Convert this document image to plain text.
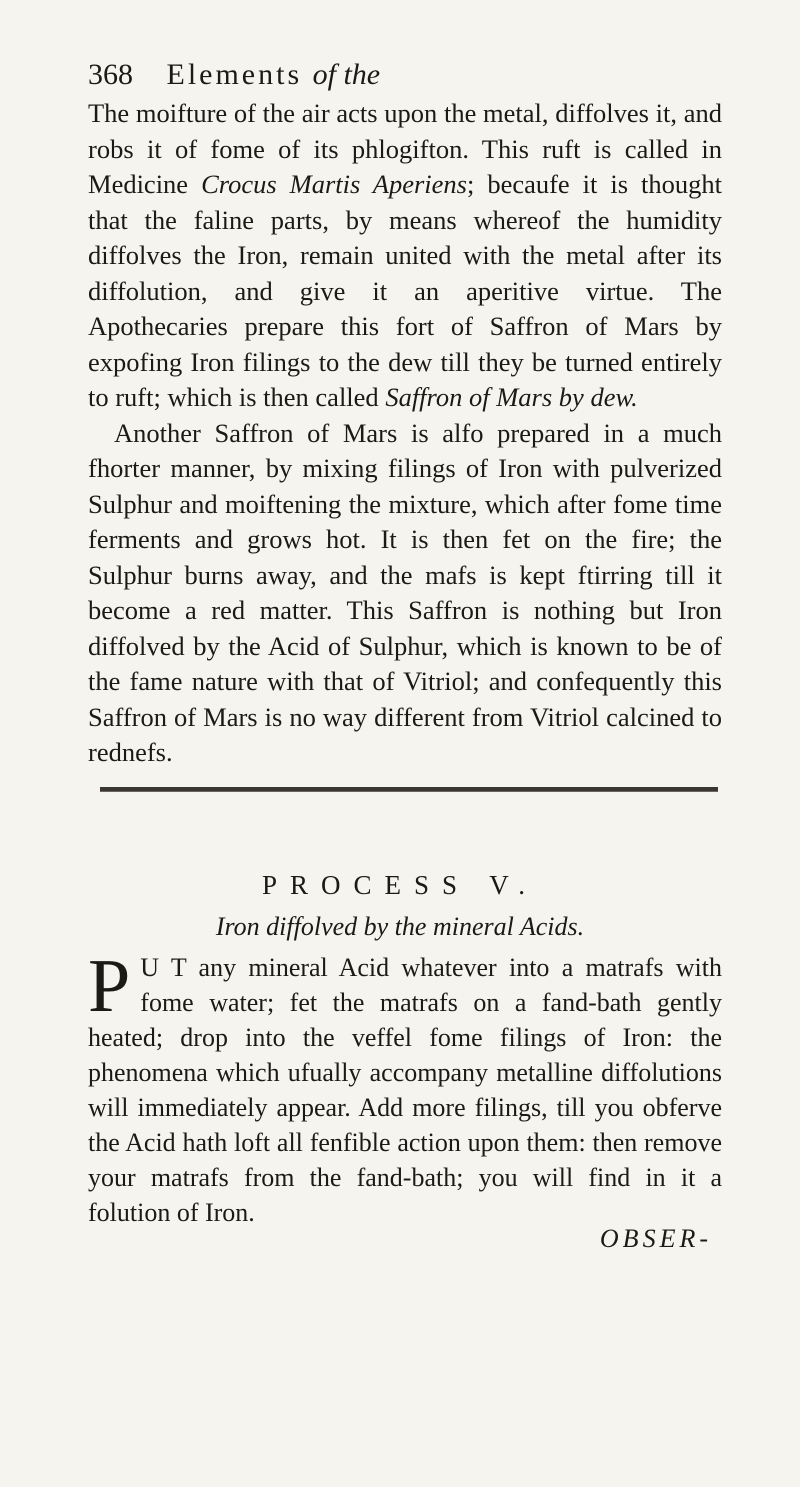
368 Elements of the

The moifture of the air acts upon the metal, diffolves it, and robs it of fome of its phlogifton. This ruft is called in Medicine Crocus Martis Aperiens; becaufe it is thought that the faline parts, by means whereof the humidity diffolves the Iron, remain united with the metal after its diffolution, and give it an aperitive virtue. The Apothecaries prepare this fort of Saffron of Mars by expofing Iron filings to the dew till they be turned entirely to ruft; which is then called Saffron of Mars by dew.

Another Saffron of Mars is alfo prepared in a much fhorter manner, by mixing filings of Iron with pulverized Sulphur and moiftening the mixture, which after fome time ferments and grows hot. It is then fet on the fire; the Sulphur burns away, and the mafs is kept ftirring till it become a red matter. This Saffron is nothing but Iron diffolved by the Acid of Sulphur, which is known to be of the fame nature with that of Vitriol; and confequently this Saffron of Mars is no way different from Vitriol calcined to rednefs.

PROCESS V.
Iron diffolved by the mineral Acids.
P U T any mineral Acid whatever into a matrafs with fome water; fet the matrafs on a fand-bath gently heated; drop into the veffel fome filings of Iron: the phenomena which ufually accompany metalline diffolutions will immediately appear. Add more filings, till you obferve the Acid hath loft all fenfible action upon them: then remove your matrafs from the fand-bath; you will find in it a folution of Iron.
OBSER-
